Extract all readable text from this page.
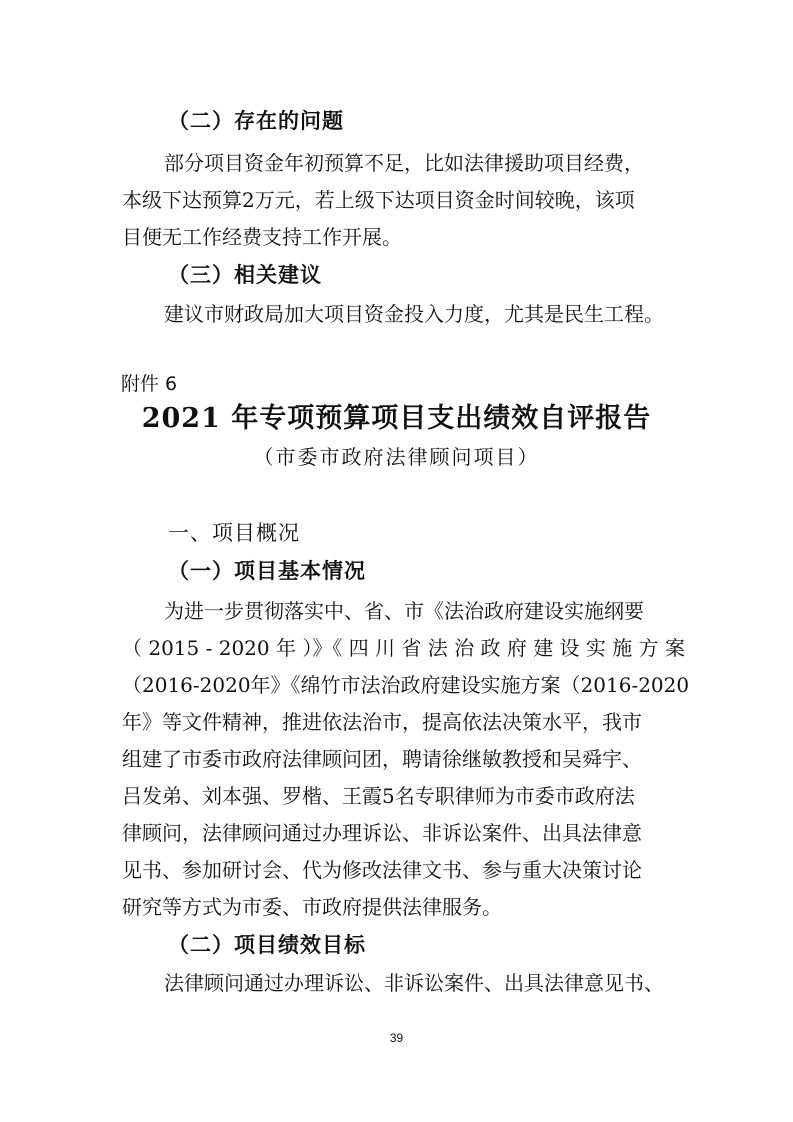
（二）存在的问题
部分项目资金年初预算不足，比如法律援助项目经费，
本级下达预算2万元，若上级下达项目资金时间较晚，该项
目便无工作经费支持工作开展。
（三）相关建议
建议市财政局加大项目资金投入力度，尤其是民生工程。
附件 6
2021 年专项预算项目支出绩效自评报告
（市委市政府法律顾问项目）
一、项目概况
（一）项目基本情况
为进一步贯彻落实中、省、市《法治政府建设实施纲要
（ 2015 - 2020 年 ）》《 四 川 省 法 治 政 府 建 设 实 施 方 案
（2016-2020年》《绵竹市法治政府建设实施方案（2016-2020
年》等文件精神，推进依法治市，提高依法决策水平，我市
组建了市委市政府法律顾问团，聘请徐继敏教授和吴舜宇、
吕发弟、刘本强、罗楷、王霞5名专职律师为市委市政府法
律顾问，法律顾问通过办理诉讼、非诉讼案件、出具法律意
见书、参加研讨会、代为修改法律文书、参与重大决策讨论
研究等方式为市委、市政府提供法律服务。
（二）项目绩效目标
法律顾问通过办理诉讼、非诉讼案件、出具法律意见书、
39
